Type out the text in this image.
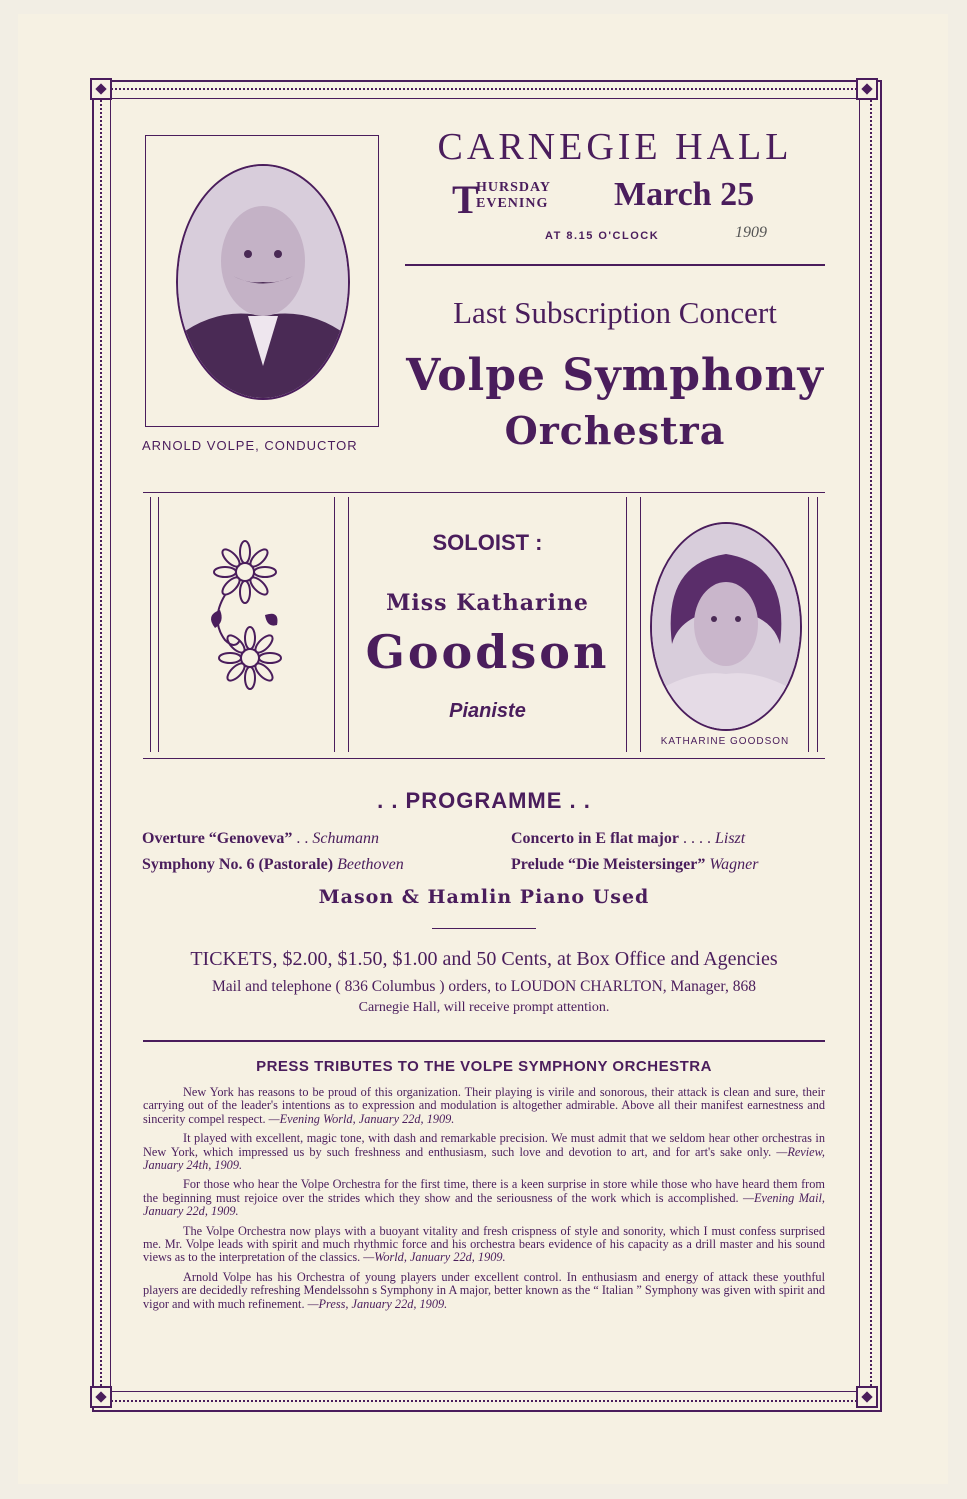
ARNOLD VOLPE, CONDUCTOR
CARNEGIE HALL
T
HURSDAY
EVENING March 25
AT 8.15 O'CLOCK	1909
Last Subscription Concert
Volpe Symphony
Orchestra
SOLOIST :
Miss Katharine
Goodson
Pianiste
KATHARINE GOODSON
. . PROGRAMME . .
Overture “Genoveva” . . Schumann	Concerto in E flat major . . . . Liszt
Symphony No. 6 (Pastorale) Beethoven	Prelude “Die Meistersinger” Wagner
Mason & Hamlin Piano Used
TICKETS, $2.00, $1.50, $1.00 and 50 Cents, at Box Office and Agencies
Mail and telephone ( 836 Columbus ) orders, to LOUDON CHARLTON, Manager, 868
Carnegie Hall, will receive prompt attention.
PRESS TRIBUTES TO THE VOLPE SYMPHONY ORCHESTRA

New York has reasons to be proud of this organization. Their playing is virile and sonorous, their attack is clean and sure, their carrying out of the leader's intentions as to expression and modulation is altogether admirable. Above all their manifest earnestness and sincerity compel respect. —Evening World, January 22d, 1909.

It played with excellent, magic tone, with dash and remarkable precision. We must admit that we seldom hear other orchestras in New York, which impressed us by such freshness and enthusiasm, such love and devotion to art, and for art's sake only. —Review, January 24th, 1909.

For those who hear the Volpe Orchestra for the first time, there is a keen surprise in store while those who have heard them from the beginning must rejoice over the strides which they show and the seriousness of the work which is accomplished. —Evening Mail, January 22d, 1909.

The Volpe Orchestra now plays with a buoyant vitality and fresh crispness of style and sonority, which I must confess surprised me. Mr. Volpe leads with spirit and much rhythmic force and his orchestra bears evidence of his capacity as a drill master and his sound views as to the interpretation of the classics. —World, January 22d, 1909.

Arnold Volpe has his Orchestra of young players under excellent control. In enthusiasm and energy of attack these youthful players are decidedly refreshing Mendelssohn s Symphony in A major, better known as the “ Italian ” Symphony was given with spirit and vigor and with much refinement. —Press, January 22d, 1909.
